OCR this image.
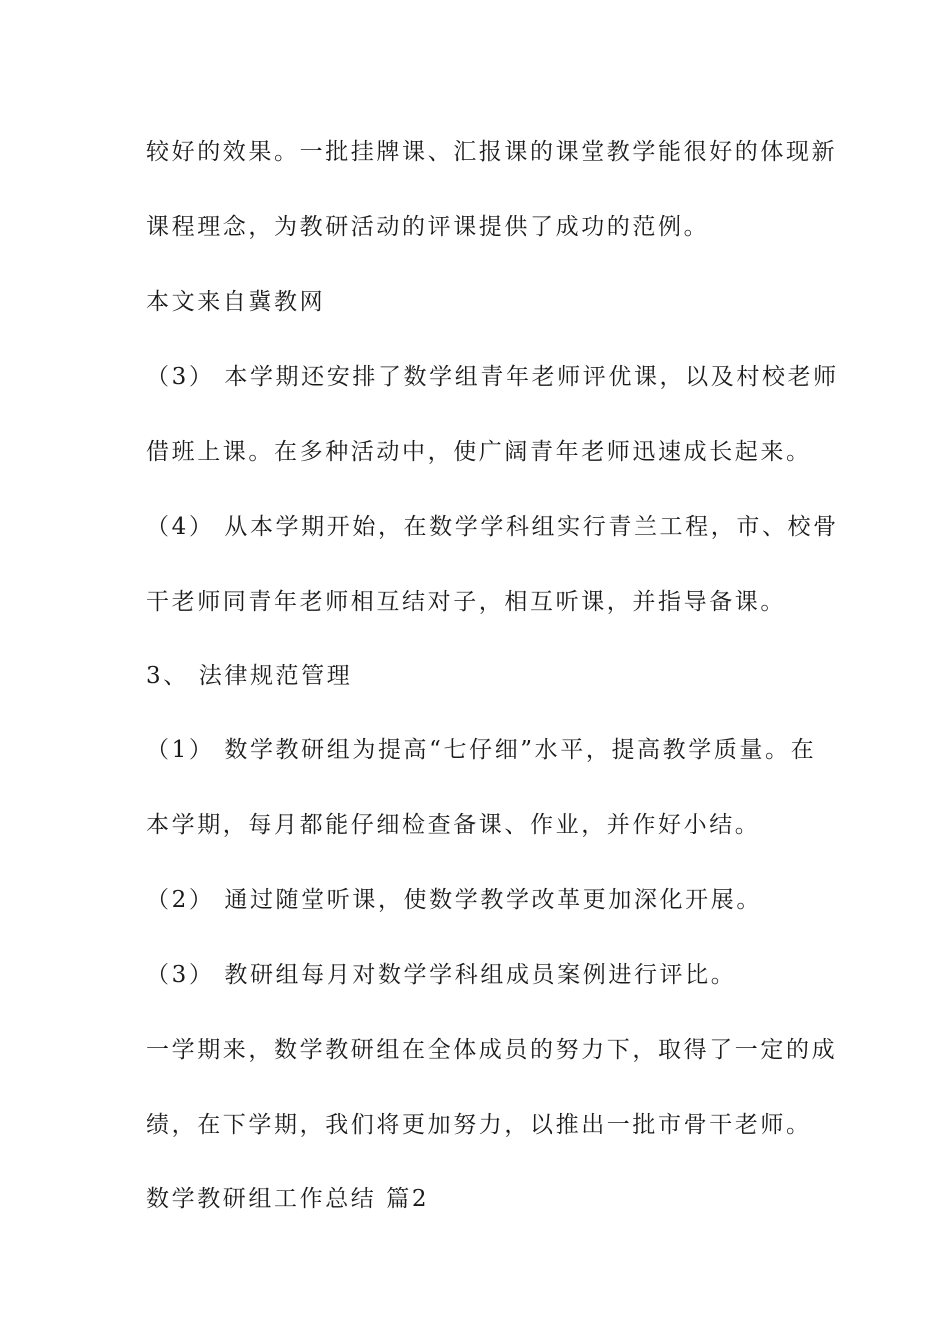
较好的效果。一批挂牌课、汇报课的课堂教学能很好的体现新
课程理念，为教研活动的评课提供了成功的范例。
本文来自冀教网
（3） 本学期还安排了数学组青年老师评优课，以及村校老师
借班上课。在多种活动中，使广阔青年老师迅速成长起来。
（4） 从本学期开始，在数学学科组实行青兰工程，市、校骨
干老师同青年老师相互结对子，相互听课，并指导备课。
3、 法律规范管理
（1） 数学教研组为提高“七仔细”水平，提高教学质量。在
本学期，每月都能仔细检查备课、作业，并作好小结。
（2） 通过随堂听课，使数学教学改革更加深化开展。
（3） 教研组每月对数学学科组成员案例进行评比。
一学期来，数学教研组在全体成员的努力下，取得了一定的成
绩，在下学期，我们将更加努力，以推出一批市骨干老师。
数学教研组工作总结 篇2
